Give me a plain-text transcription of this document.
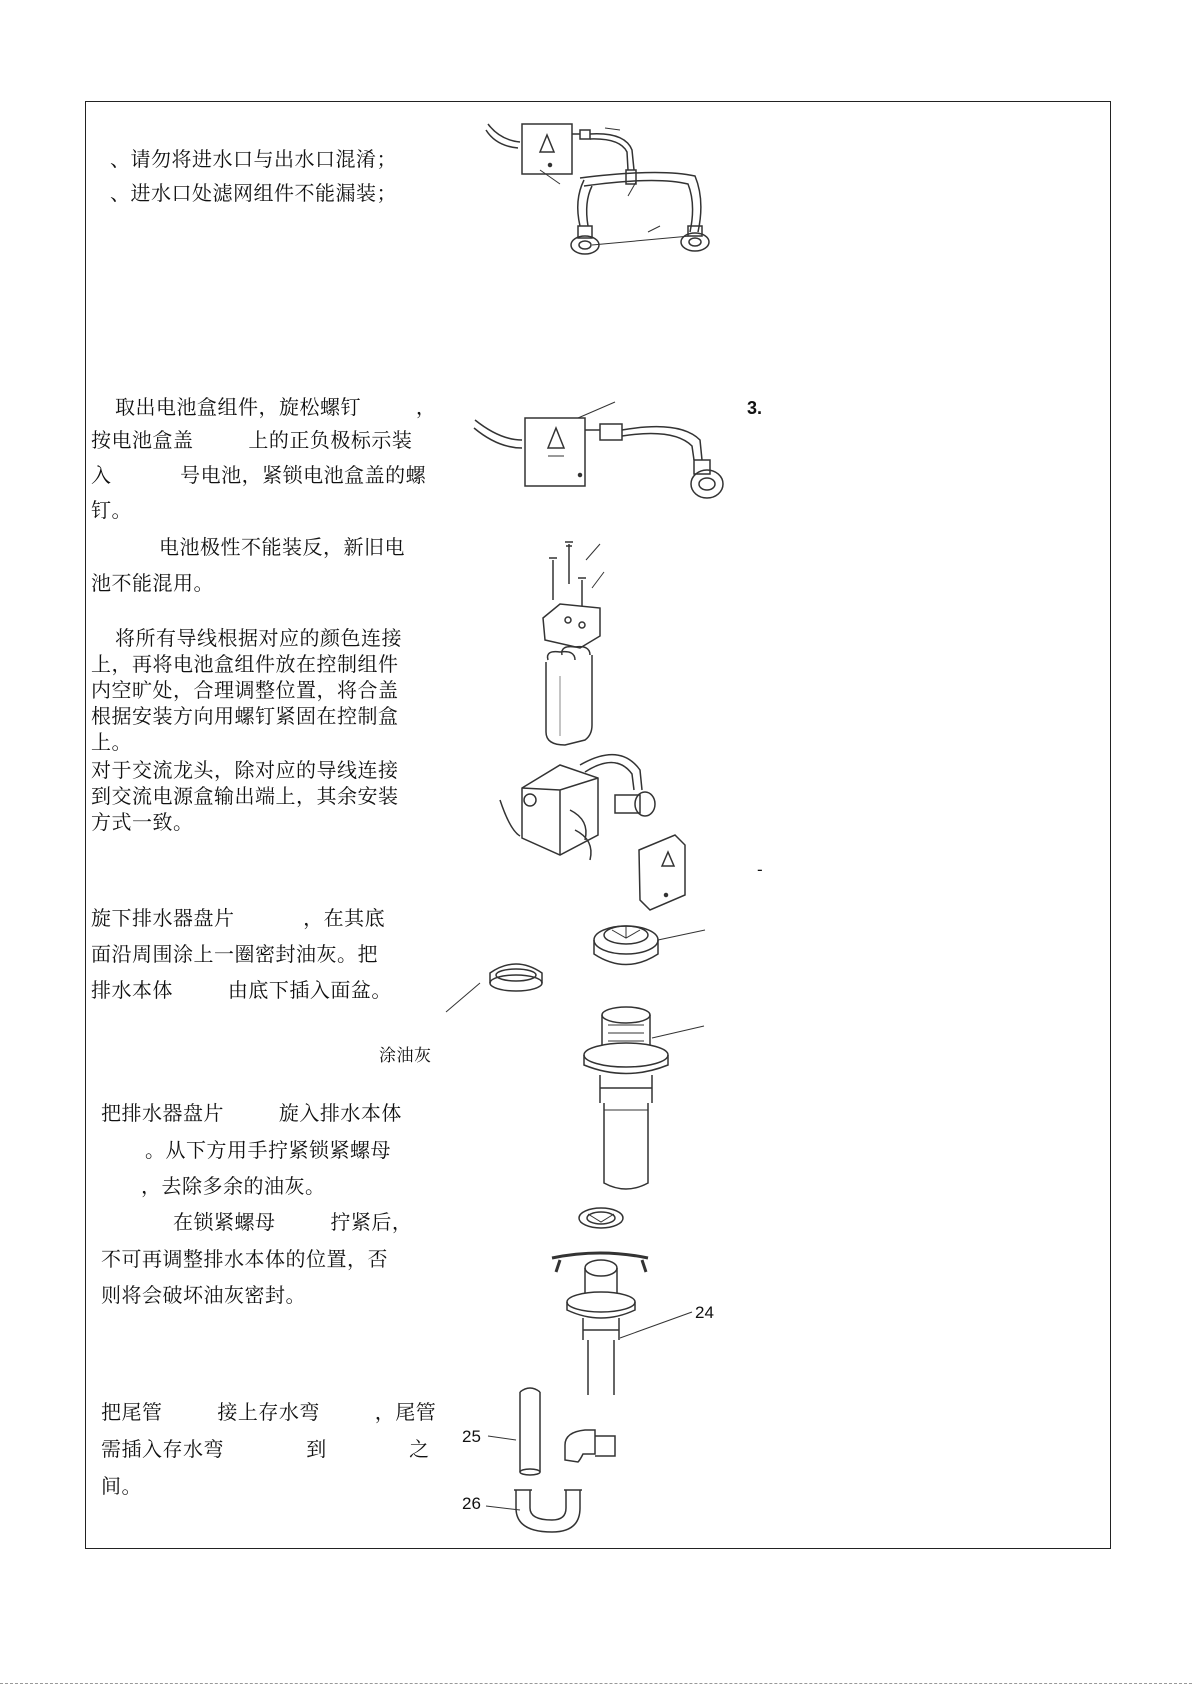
、请勿将进水口与出水口混淆；
、进水口处滤网组件不能漏装；
取出电池盒组件，旋松螺钉        ，
按电池盒盖        上的正负极标示装
入          号电池，紧锁电池盒盖的螺
钉。
电池极性不能装反，新旧电
池不能混用。
3.
将所有导线根据对应的颜色连接
上，再将电池盒组件放在控制组件
内空旷处，合理调整位置，将合盖
根据安装方向用螺钉紧固在控制盒
上。
对于交流龙头，除对应的导线连接
到交流电源盒输出端上，其余安装
方式一致。
-
旋下排水器盘片          ，在其底
面沿周围涂上一圈密封油灰。把
排水本体        由底下插入面盆。
涂油灰
把排水器盘片        旋入排水本体
。从下方用手拧紧锁紧螺母
，去除多余的油灰。
在锁紧螺母        拧紧后，
不可再调整排水本体的位置，否
则将会破坏油灰密封。
24
把尾管        接上存水弯        ，尾管
需插入存水弯            到            之
间。
25
26
